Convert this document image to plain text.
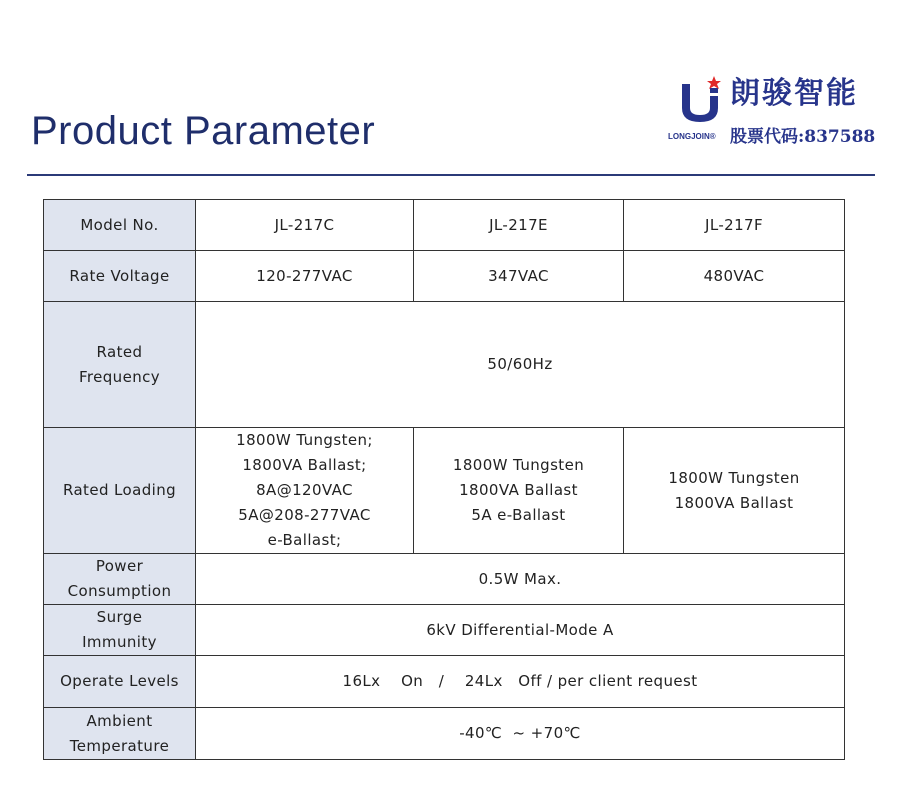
Product Parameter
朗骏智能
LONGJOIN® 股票代码:837588
Model No.	JL-217C	JL-217E	JL-217F

Rate Voltage	120-277VAC	347VAC	480VAC

Rated
Frequency	50/60Hz		

Rated Loading	1800W Tungsten;
1800VA Ballast;
8A@120VAC
5A@208-277VAC
e-Ballast;	1800W Tungsten
1800VA Ballast
5A e-Ballast	1800W Tungsten
1800VA Ballast

Power
Consumption	0.5W Max.		

Surge
Immunity	6kV Differential-Mode A		

Operate Levels	16Lx    On   /    24Lx   Off / per client request		

Ambient
Temperature	-40℃  ~ +70℃		
